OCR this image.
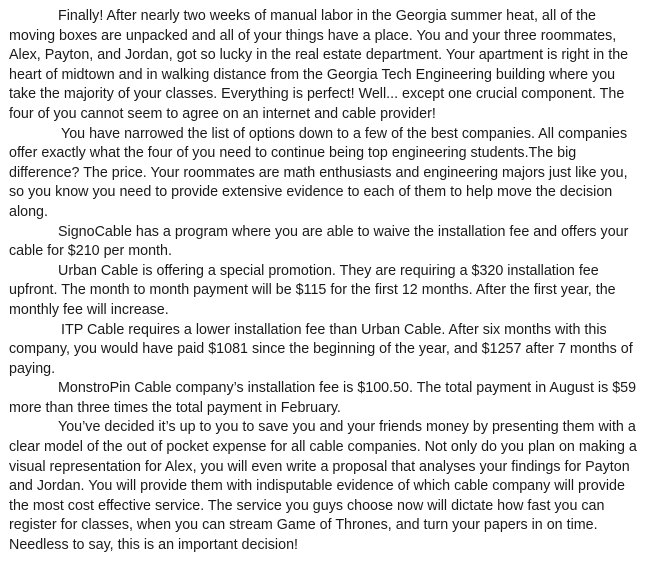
Finally! After nearly two weeks of manual labor in the Georgia summer heat, all of the moving boxes are unpacked and all of your things have a place. You and your three roommates, Alex, Payton, and Jordan, got so lucky in the real estate department. Your apartment is right in the heart of midtown and in walking distance from the Georgia Tech Engineering building where you take the majority of your classes. Everything is perfect! Well... except one crucial component. The four of you cannot seem to agree on an internet and cable provider!

You have narrowed the list of options down to a few of the best companies. All companies offer exactly what the four of you need to continue being top engineering students.The big difference? The price. Your roommates are math enthusiasts and engineering majors just like you, so you know you need to provide extensive evidence to each of them to help move the decision along.

SignoCable has a program where you are able to waive the installation fee and offers your cable for $210 per month.

Urban Cable is offering a special promotion. They are requiring a $320 installation fee upfront. The month to month payment will be $115 for the first 12 months. After the first year, the monthly fee will increase.

ITP Cable requires a lower installation fee than Urban Cable. After six months with this company, you would have paid $1081 since the beginning of the year, and $1257 after 7 months of paying.

MonstroPin Cable company’s installation fee is $100.50. The total payment in August is $59 more than three times the total payment in February.

You’ve decided it’s up to you to save you and your friends money by presenting them with a clear model of the out of pocket expense for all cable companies. Not only do you plan on making a visual representation for Alex, you will even write a proposal that analyses your findings for Payton and Jordan. You will provide them with indisputable evidence of which cable company will provide the most cost effective service. The service you guys choose now will dictate how fast you can register for classes, when you can stream Game of Thrones, and turn your papers in on time. Needless to say, this is an important decision!
